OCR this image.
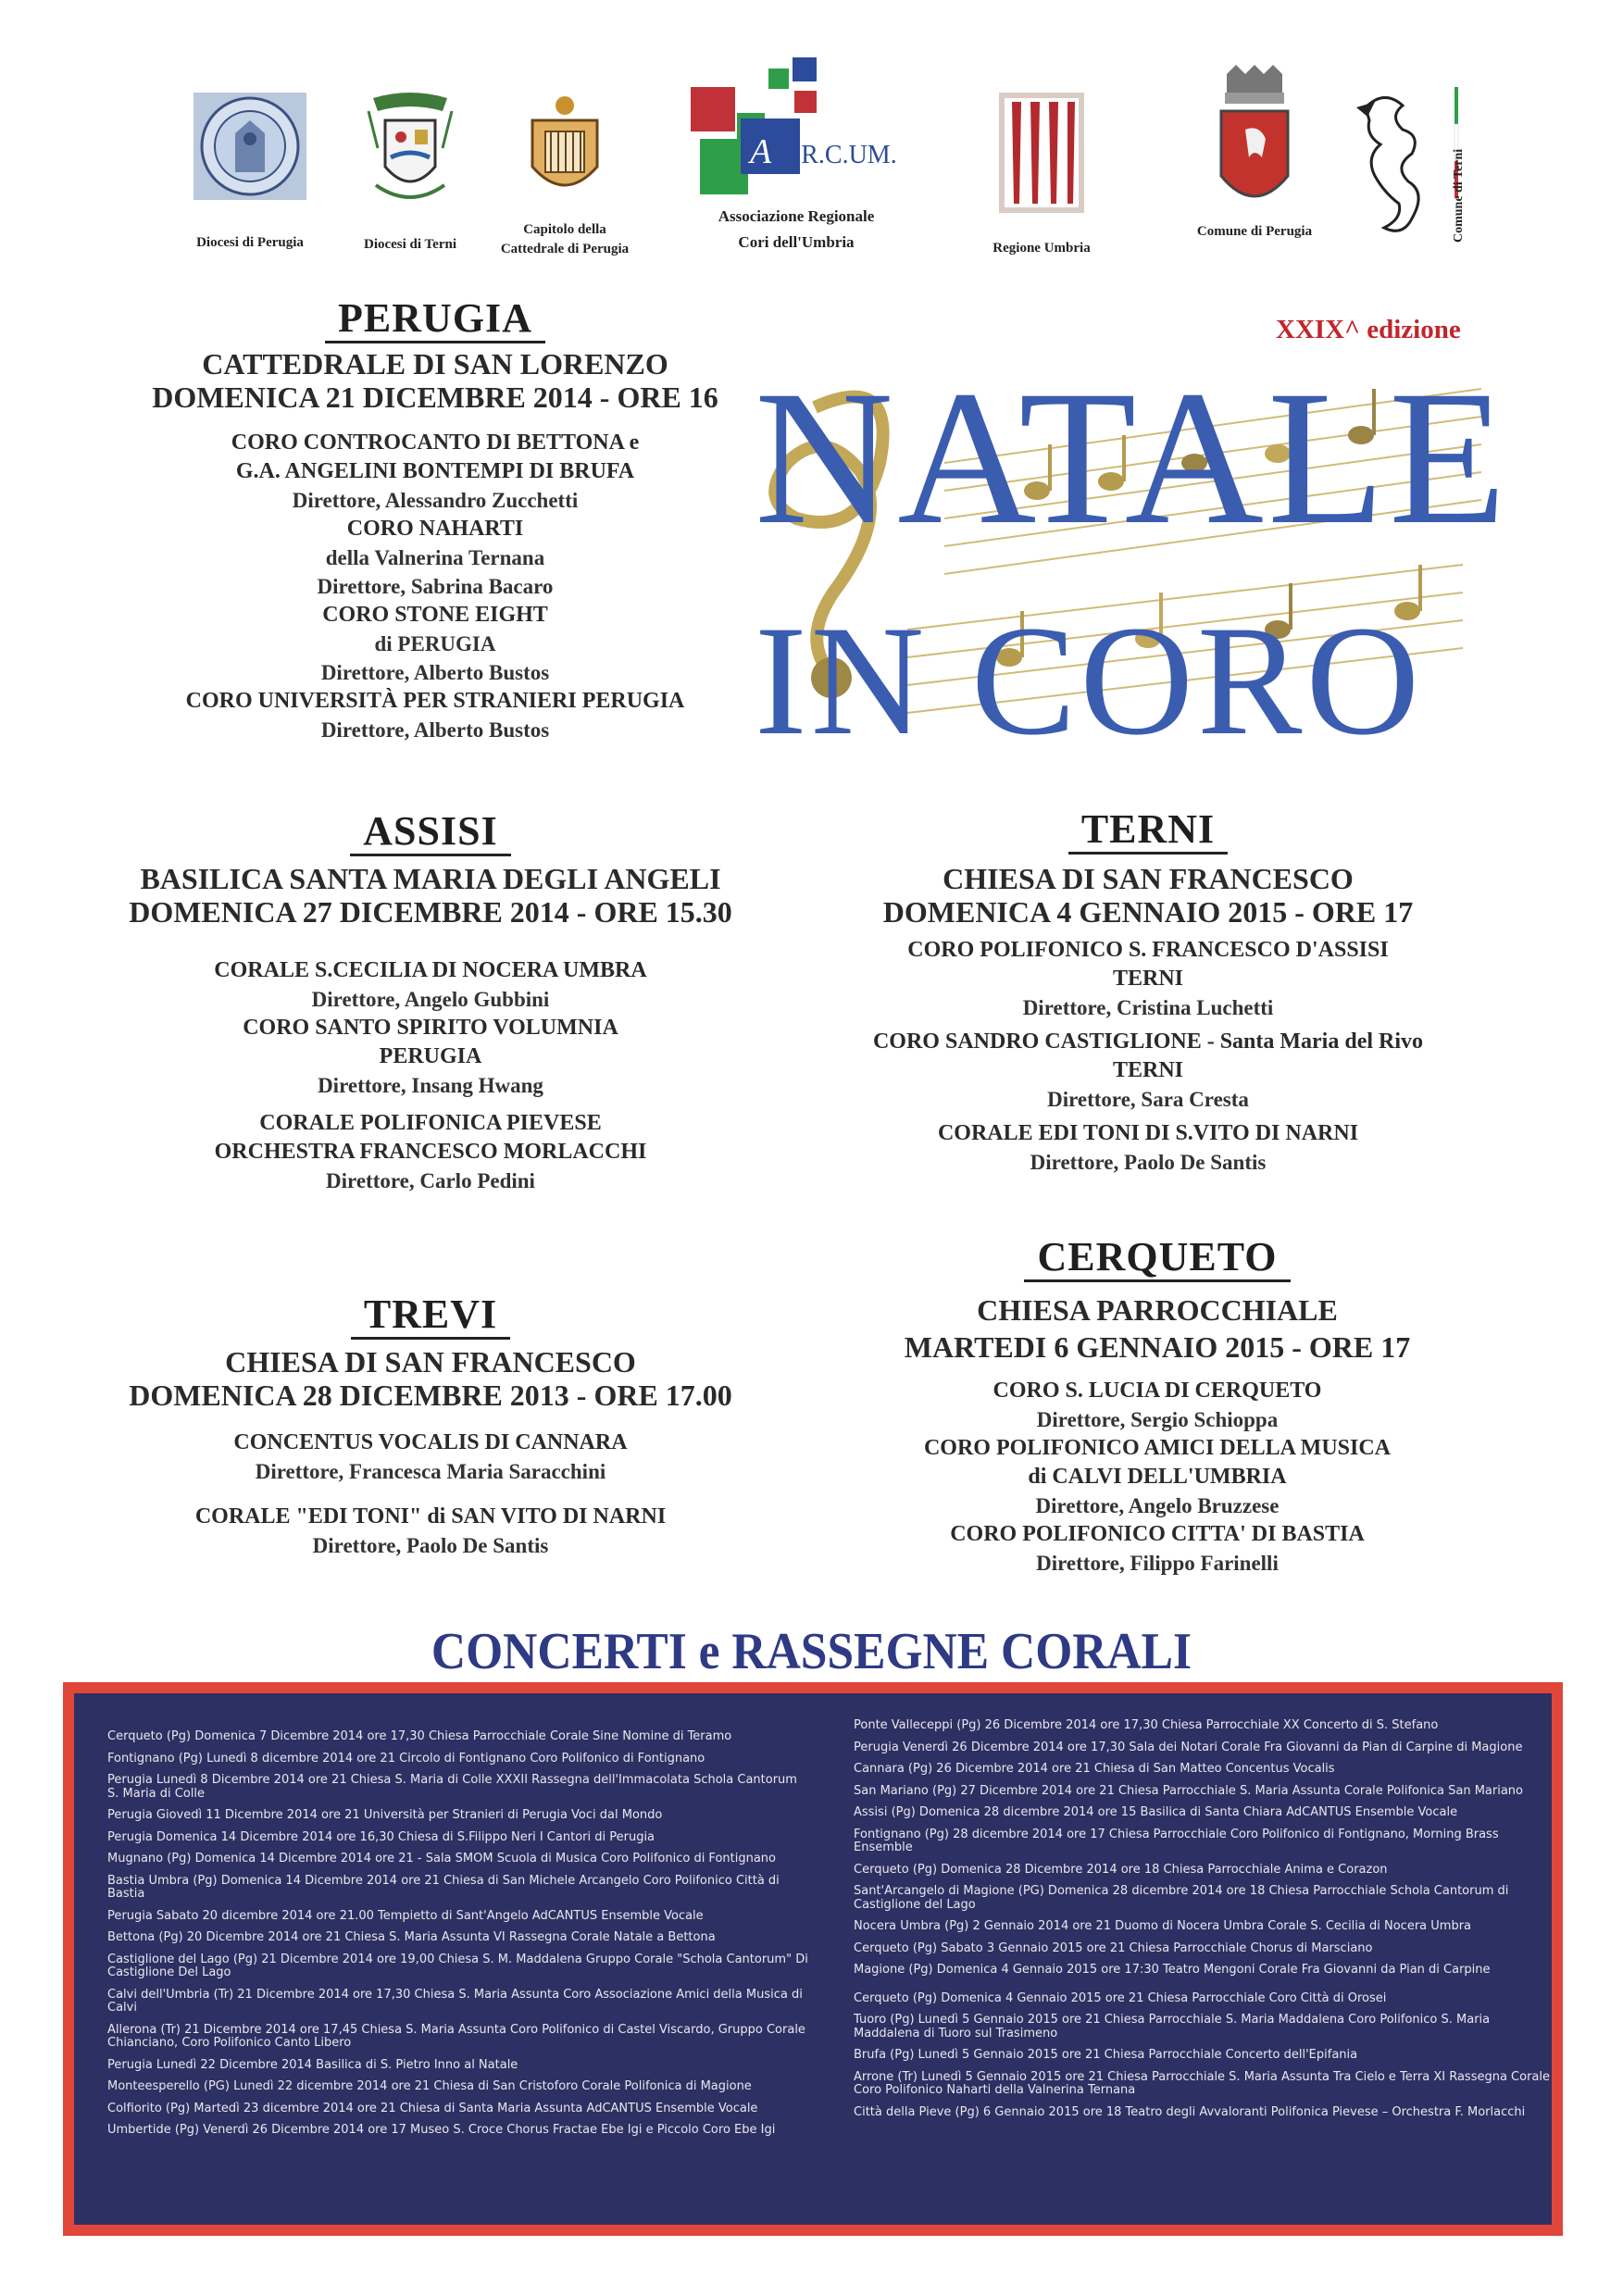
Diocesi di Perugia	Diocesi di Terni
Capitolo della Cattedrale di Perugia
A A.R.C.UM.
Associazione Regionale Cori dell'Umbria	Regione Umbria
Comune di Perugia	Comune di Terni
XXIX^ edizione
NATALE
IN CORO
PERUGIA
CATTEDRALE DI SAN LORENZO
DOMENICA 21 DICEMBRE 2014 - ORE 16
CORO CONTROCANTO DI BETTONA e
G.A. ANGELINI BONTEMPI DI BRUFA
Direttore, Alessandro Zucchetti
CORO NAHARTI
della Valnerina Ternana
Direttore, Sabrina Bacaro
CORO STONE EIGHT
di PERUGIA
Direttore, Alberto Bustos
CORO UNIVERSITÀ PER STRANIERI PERUGIA
Direttore, Alberto Bustos
ASSISI
BASILICA SANTA MARIA DEGLI ANGELI
DOMENICA 27 DICEMBRE 2014 - ORE 15.30
CORALE S.CECILIA DI NOCERA UMBRA
Direttore, Angelo Gubbini
CORO SANTO SPIRITO VOLUMNIA
PERUGIA
Direttore, Insang Hwang
CORALE POLIFONICA PIEVESE
ORCHESTRA FRANCESCO MORLACCHI
Direttore, Carlo Pedini
TERNI
CHIESA DI SAN FRANCESCO
DOMENICA 4 GENNAIO 2015 - ORE 17
CORO POLIFONICO S. FRANCESCO D'ASSISI
TERNI
Direttore, Cristina Luchetti
CORO SANDRO CASTIGLIONE - Santa Maria del Rivo
TERNI
Direttore, Sara Cresta
CORALE EDI TONI DI S.VITO DI NARNI
Direttore, Paolo De Santis
TREVI
CHIESA DI SAN FRANCESCO
DOMENICA 28 DICEMBRE 2013 - ORE 17.00
CONCENTUS VOCALIS DI CANNARA
Direttore, Francesca Maria Saracchini
CORALE "EDI TONI" di SAN VITO DI NARNI
Direttore, Paolo De Santis
CERQUETO
CHIESA PARROCCHIALE
MARTEDI 6 GENNAIO 2015 - ORE 17
CORO S. LUCIA DI CERQUETO
Direttore, Sergio Schioppa
CORO POLIFONICO AMICI DELLA MUSICA
di CALVI DELL'UMBRIA
Direttore, Angelo Bruzzese
CORO POLIFONICO CITTA' DI BASTIA
Direttore, Filippo Farinelli
CONCERTI e RASSEGNE CORALI
Cerqueto (Pg) Domenica 7 Dicembre 2014 ore 17,30 Chiesa Parrocchiale Corale Sine Nomine di Teramo
Fontignano (Pg) Lunedì 8 dicembre 2014 ore 21 Circolo di Fontignano Coro Polifonico di Fontignano
Perugia Lunedì 8 Dicembre 2014 ore 21 Chiesa S. Maria di Colle XXXII Rassegna dell'Immacolata Schola Cantorum S. Maria di Colle
Perugia Giovedì 11 Dicembre 2014 ore 21 Università per Stranieri di Perugia Voci dal Mondo
Perugia Domenica 14 Dicembre 2014 ore 16,30 Chiesa di S.Filippo Neri I Cantori di Perugia
Mugnano (Pg) Domenica 14 Dicembre 2014 ore 21 - Sala SMOM Scuola di Musica Coro Polifonico di Fontignano
Bastia Umbra (Pg) Domenica 14 Dicembre 2014 ore 21 Chiesa di San Michele Arcangelo Coro Polifonico Città di Bastia
Perugia Sabato 20 dicembre 2014 ore 21.00 Tempietto di Sant'Angelo AdCANTUS Ensemble Vocale
Bettona (Pg) 20 Dicembre 2014 ore 21 Chiesa S. Maria Assunta VI Rassegna Corale Natale a Bettona
Castiglione del Lago (Pg) 21 Dicembre 2014 ore 19,00 Chiesa S. M. Maddalena Gruppo Corale "Schola Cantorum" Di Castiglione Del Lago
Calvi dell'Umbria (Tr) 21 Dicembre 2014 ore 17,30 Chiesa S. Maria Assunta Coro Associazione Amici della Musica di Calvi
Allerona (Tr) 21 Dicembre 2014 ore 17,45 Chiesa S. Maria Assunta Coro Polifonico di Castel Viscardo, Gruppo Corale Chianciano, Coro Polifonico Canto Libero
Perugia Lunedì 22 Dicembre 2014 Basilica di S. Pietro Inno al Natale
Monteesperello (PG) Lunedì 22 dicembre 2014 ore 21 Chiesa di San Cristoforo Corale Polifonica di Magione
Colfiorito (Pg) Martedì 23 dicembre 2014 ore 21 Chiesa di Santa Maria Assunta AdCANTUS Ensemble Vocale
Umbertide (Pg) Venerdì 26 Dicembre 2014 ore 17 Museo S. Croce Chorus Fractae Ebe Igi e Piccolo Coro Ebe Igi
Ponte Valleceppi (Pg) 26 Dicembre 2014 ore 17,30 Chiesa Parrocchiale XX Concerto di S. Stefano
Perugia Venerdì 26 Dicembre 2014 ore 17,30 Sala dei Notari Corale Fra Giovanni da Pian di Carpine di Magione
Cannara (Pg) 26 Dicembre 2014 ore 21 Chiesa di San Matteo Concentus Vocalis
San Mariano (Pg) 27 Dicembre 2014 ore 21 Chiesa Parrocchiale S. Maria Assunta Corale Polifonica San Mariano
Assisi (Pg) Domenica 28 dicembre 2014 ore 15 Basilica di Santa Chiara AdCANTUS Ensemble Vocale
Fontignano (Pg) 28 dicembre 2014 ore 17 Chiesa Parrocchiale Coro Polifonico di Fontignano, Morning Brass Ensemble
Cerqueto (Pg) Domenica 28 Dicembre 2014 ore 18 Chiesa Parrocchiale Anima e Corazon
Sant'Arcangelo di Magione (PG) Domenica 28 dicembre 2014 ore 18 Chiesa Parrocchiale Schola Cantorum di Castiglione del Lago
Nocera Umbra (Pg) 2 Gennaio 2014 ore 21 Duomo di Nocera Umbra Corale S. Cecilia di Nocera Umbra
Cerqueto (Pg) Sabato 3 Gennaio 2015 ore 21 Chiesa Parrocchiale Chorus di Marsciano
Magione (Pg) Domenica 4 Gennaio 2015 ore 17:30 Teatro Mengoni Corale Fra Giovanni da Pian di Carpine
Cerqueto (Pg) Domenica 4 Gennaio 2015 ore 21 Chiesa Parrocchiale Coro Città di Orosei
Tuoro (Pg) Lunedì 5 Gennaio 2015 ore 21 Chiesa Parrocchiale S. Maria Maddalena Coro Polifonico S. Maria Maddalena di Tuoro sul Trasimeno
Brufa (Pg) Lunedì 5 Gennaio 2015 ore 21 Chiesa Parrocchiale Concerto dell'Epifania
Arrone (Tr) Lunedì 5 Gennaio 2015 ore 21 Chiesa Parrocchiale S. Maria Assunta Tra Cielo e Terra XI Rassegna Corale Coro Polifonico Naharti della Valnerina Ternana
Città della Pieve (Pg) 6 Gennaio 2015 ore 18 Teatro degli Avvaloranti Polifonica Pievese – Orchestra F. Morlacchi
